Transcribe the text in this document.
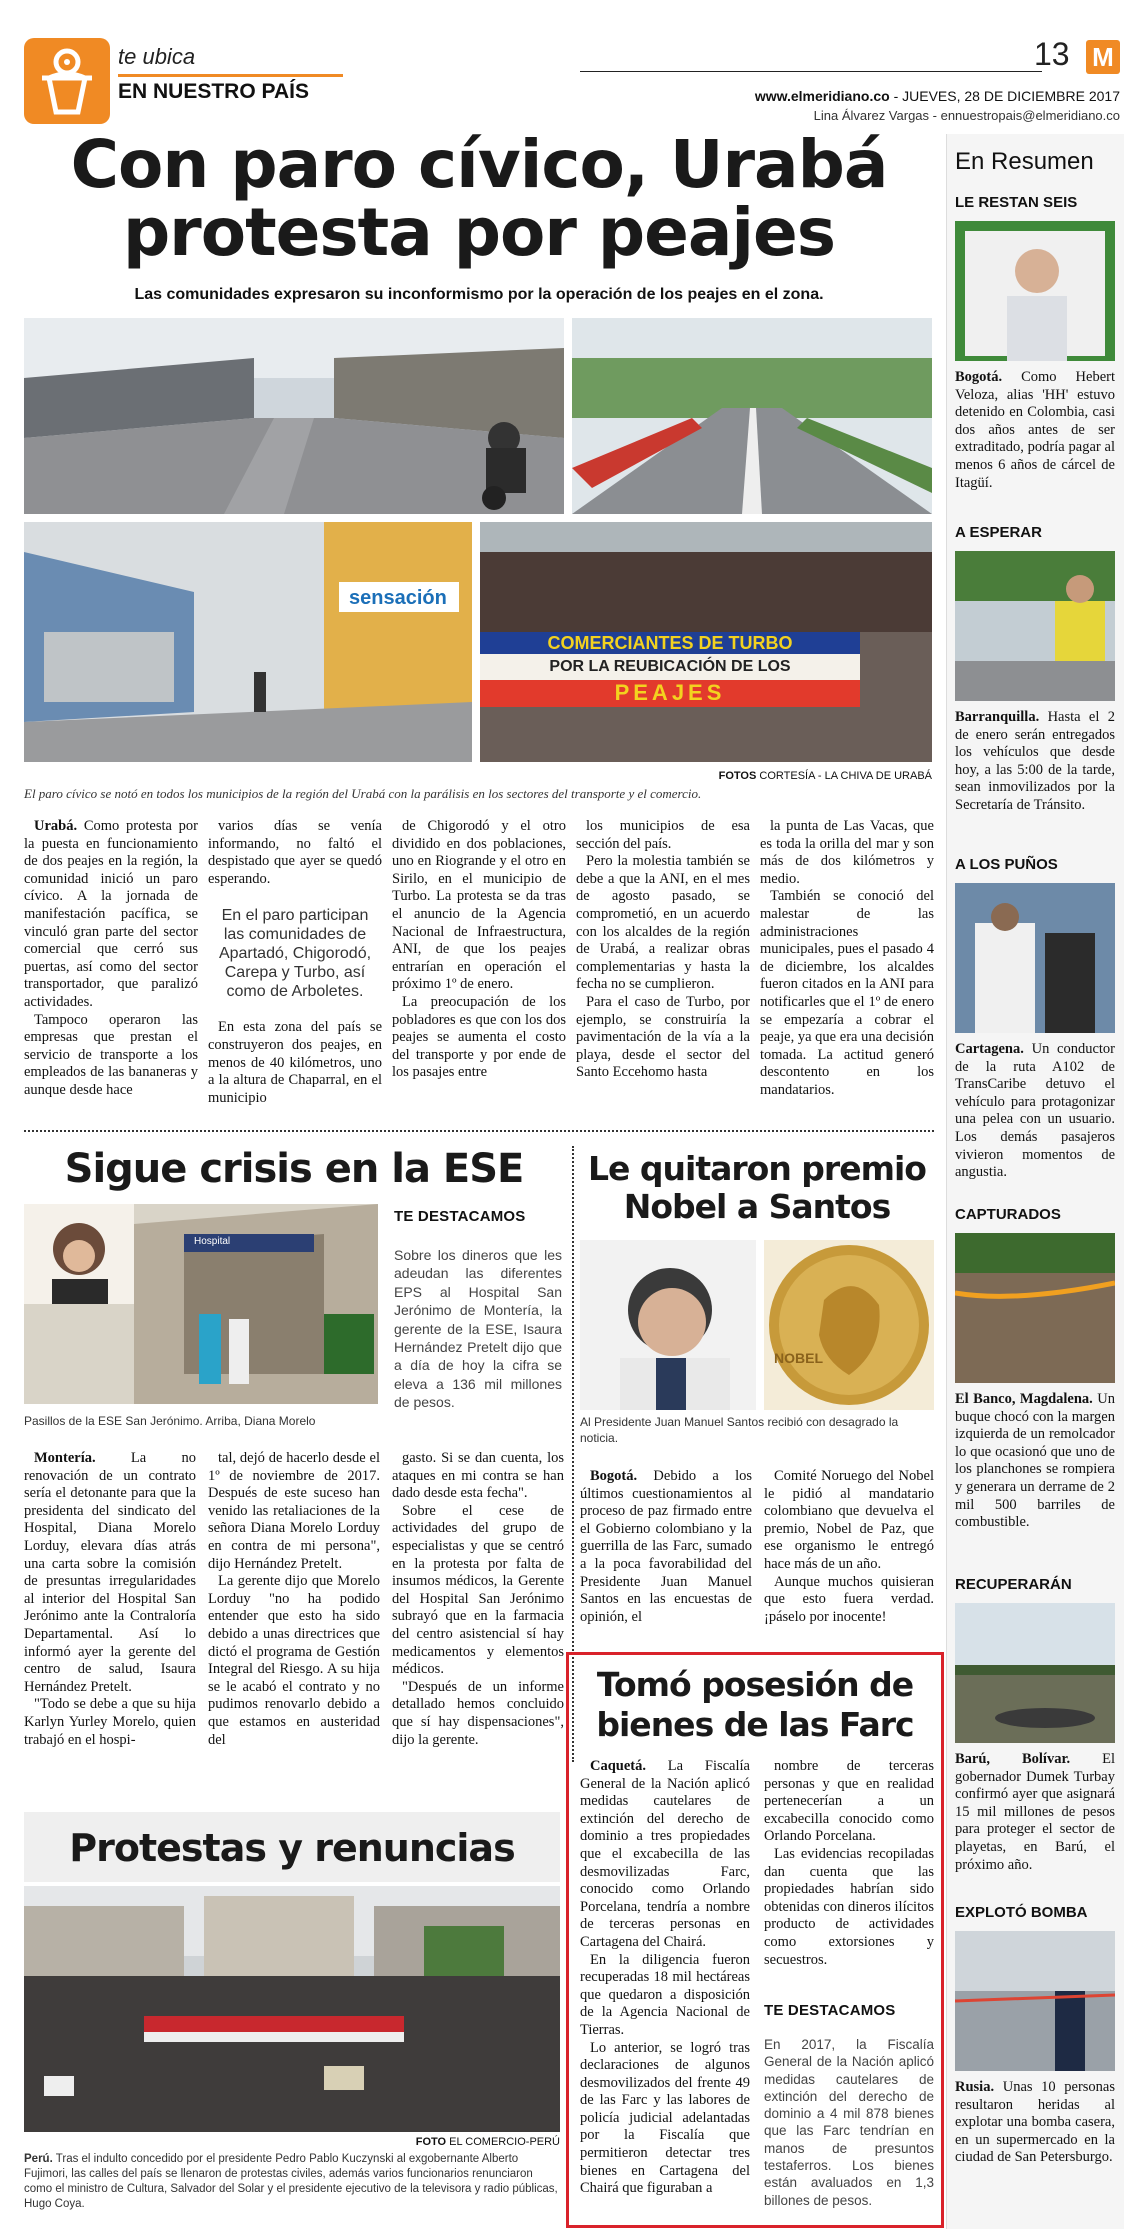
te ubica
EN NUESTRO PAÍS
13 M
www.elmeridiano.co - JUEVES, 28 DE DICIEMBRE 2017
Lina Álvarez Vargas - ennuestropais@elmeridiano.co
Con paro cívico, Urabá
protesta por peajes
Las comunidades expresaron su inconformismo por la operación de los peajes en el zona.
sensación
COMERCIANTES DE TURBO
POR LA REUBICACIÓN DE LOS
PEAJES
FOTOS CORTESÍA - LA CHIVA DE URABÁ
El paro cívico se notó en todos los municipios de la región del Urabá con la parálisis en los sectores del transporte y el comercio.

Urabá. Como protesta por la puesta en funcionamiento de dos peajes en la región, la comunidad inició un paro cívico. A la jornada de manifestación pacífica, se vinculó gran parte del sector comercial que cerró sus puertas, así como del sector transportador, que paralizó actividades.

Tampoco operaron las empresas que prestan el servicio de transporte a los empleados de las bananeras y aunque desde hace

varios días se venía informando, no faltó el despistado que ayer se quedó esperando.

En el paro participan las comunidades de Apartadó, Chigorodó, Carepa y Turbo, así como de Arboletes.

En esta zona del país se construyeron dos peajes, en menos de 40 kilómetros, uno a la altura de Chaparral, en el municipio

de Chigorodó y el otro dividido en dos poblaciones, uno en Riogrande y el otro en Sirilo, en el municipio de Turbo. La protesta se da tras el anuncio de la Agencia Nacional de Infraestructura, ANI, de que los peajes entrarían en operación el próximo 1º de enero.

La preocupación de los pobladores es que con los dos peajes se aumenta el costo del transporte y por ende de los pasajes entre

los municipios de esa sección del país.

Pero la molestia también se debe a que la ANI, en el mes de agosto pasado, se comprometió, en un acuerdo con los alcaldes de la región de Urabá, a realizar obras complementarias y hasta la fecha no se cumplieron.

Para el caso de Turbo, por ejemplo, se construiría la pavimentación de la vía a la playa, desde el sector del Santo Eccehomo hasta

la punta de Las Vacas, que es toda la orilla del mar y son más de dos kilómetros y medio.

También se conoció del malestar de las administraciones municipales, pues el pasado 4 de diciembre, los alcaldes fueron citados en la ANI para notificarles que el 1º de enero se empezaría a cobrar el peaje, ya que era una decisión tomada. La actitud generó descontento en los mandatarios.

Sigue crisis en la ESE
Hospital
Pasillos de la ESE San Jerónimo. Arriba, Diana Morelo
TE DESTACAMOS
Sobre los dineros que les adeudan las diferentes EPS al Hospital San Jerónimo de Montería, la gerente de la ESE, Isaura Hernández Pretelt dijo que a día de hoy la cifra se eleva a 136 mil millones de pesos.

Montería. La no renovación de un contrato sería el detonante para que la presidenta del sindicato del Hospital, Diana Morelo Lorduy, elevara días atrás una carta sobre la comisión de presuntas irregularidades al interior del Hospital San Jerónimo ante la Contraloría Departamental. Así lo informó ayer la gerente del centro de salud, Isaura Hernández Pretelt.

"Todo se debe a que su hija Karlyn Yurley Morelo, quien trabajó en el hospi-

tal, dejó de hacerlo desde el 1º de noviembre de 2017. Después de este suceso han venido las retaliaciones de la señora Diana Morelo Lorduy en contra de mi persona", dijo Hernández Pretelt.

La gerente dijo que Morelo Lorduy "no ha podido entender que esto ha sido debido a unas directrices que dictó el programa de Gestión Integral del Riesgo. A su hija se le acabó el contrato y no pudimos renovarlo debido a que estamos en austeridad del

gasto. Si se dan cuenta, los ataques en mi contra se han dado desde esta fecha".

Sobre el cese de actividades del grupo de especialistas y que se centró en la protesta por falta de insumos médicos, la Gerente del Hospital San Jerónimo subrayó que en la farmacia del centro asistencial sí hay medicamentos y elementos médicos.

"Después de un informe detallado hemos concluido que sí hay dispensaciones", dijo la gerente.

Le quitaron premio
Nobel a Santos
NOBEL
Al Presidente Juan Manuel Santos recibió con desagrado la noticia.

Bogotá. Debido a los últimos cuestionamientos al proceso de paz firmado entre el Gobierno colombiano y la guerrilla de las Farc, sumado a la poca favorabilidad del Presidente Juan Manuel Santos en las encuestas de opinión, el

Comité Noruego del Nobel le pidió al mandatario colombiano que devuelva el premio, Nobel de Paz, que ese organismo le entregó hace más de un año.

Aunque muchos quisieran que esto fuera verdad. ¡páselo por inocente!

Tomó posesión de
bienes de las Farc

Caquetá. La Fiscalía General de la Nación aplicó medidas cautelares de extinción del derecho de dominio a tres propiedades que el excabecilla de las desmovilizadas Farc, conocido como Orlando Porcelana, tendría a nombre de terceras personas en Cartagena del Chairá.

En la diligencia fueron recuperadas 18 mil hectáreas que quedaron a disposición de la Agencia Nacional de Tierras.

Lo anterior, se logró tras declaraciones de algunos desmovilizados del frente 49 de las Farc y las labores de policía judicial adelantadas por la Fiscalía que permitieron detectar tres bienes en Cartagena del Chairá que figuraban a

nombre de terceras personas y que en realidad pertenecerían a un excabecilla conocido como Orlando Porcelana.

Las evidencias recopiladas dan cuenta que las propiedades habrían sido obtenidas con dineros ilícitos producto de actividades como extorsiones y secuestros.

TE DESTACAMOS
En 2017, la Fiscalía General de la Nación aplicó medidas cautelares de extinción del derecho de dominio a 4 mil 878 bienes que las Farc tendrían en manos de presuntos testaferros. Los bienes están avaluados en 1,3 billones de pesos.
Protestas y renuncias
FOTO EL COMERCIO-PERÚ
Perú. Tras el indulto concedido por el presidente Pedro Pablo Kuczynski al exgobernante Alberto Fujimori, las calles del país se llenaron de protestas civiles, además varios funcionarios renunciaron como el ministro de Cultura, Salvador del Solar y el presidente ejecutivo de la televisora y radio públicas, Hugo Coya.
En Resumen
LE RESTAN SEIS
Bogotá. Como Hebert Veloza, alias 'HH' estuvo detenido en Colombia, casi dos años antes de ser extraditado, podría pagar al menos 6 años de cárcel de Itagüí.
A ESPERAR
Barranquilla. Hasta el 2 de enero serán entregados los vehículos que desde hoy, a las 5:00 de la tarde, sean inmovilizados por la Secretaría de Tránsito.
A LOS PUÑOS
Cartagena. Un conductor de la ruta A102 de TransCaribe detuvo el vehículo para protagonizar una pelea con un usuario. Los demás pasajeros vivieron momentos de angustia.
CAPTURADOS
El Banco, Magdalena. Un buque chocó con la margen izquierda de un remolcador lo que ocasionó que uno de los planchones se rompiera y generara un derrame de 2 mil 500 barriles de combustible.
RECUPERARÁN
Barú, Bolívar. El gobernador Dumek Turbay confirmó ayer que asignará 15 mil millones de pesos para proteger el sector de playetas, en Barú, el próximo año.
EXPLOTÓ BOMBA
Rusia. Unas 10 personas resultaron heridas al explotar una bomba casera, en un supermercado en la ciudad de San Petersburgo.
